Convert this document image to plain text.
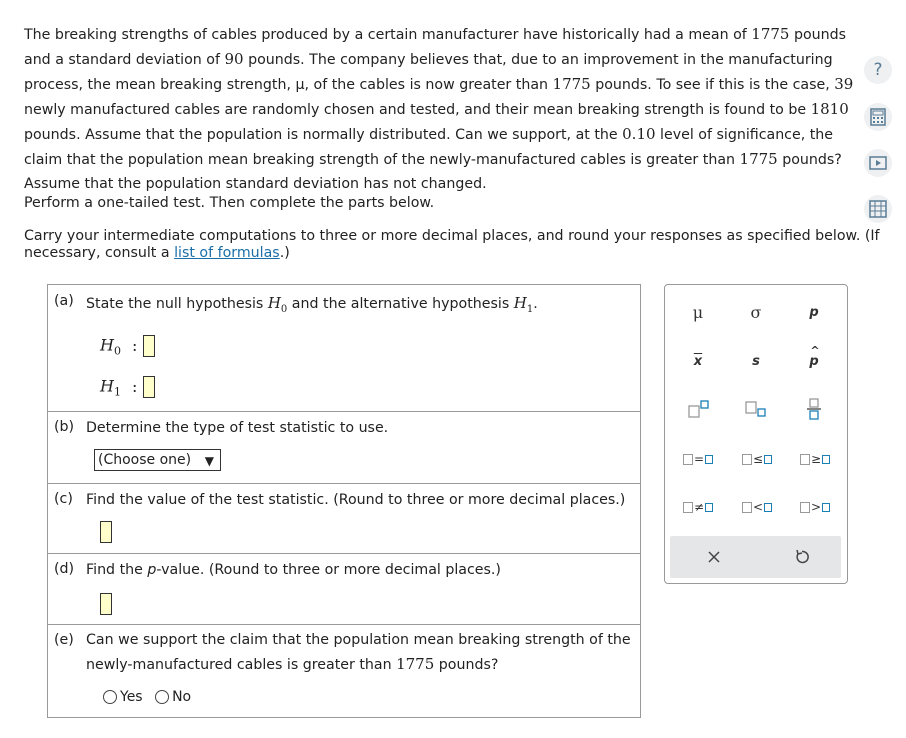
The breaking strengths of cables produced by a certain manufacturer have historically had a mean of 1775 pounds and a standard deviation of 90 pounds. The company believes that, due to an improvement in the manufacturing process, the mean breaking strength, μ, of the cables is now greater than 1775 pounds. To see if this is the case, 39 newly manufactured cables are randomly chosen and tested, and their mean breaking strength is found to be 1810 pounds. Assume that the population is normally distributed. Can we support, at the 0.10 level of significance, the claim that the population mean breaking strength of the newly-manufactured cables is greater than 1775 pounds? Assume that the population standard deviation has not changed.

Perform a one-tailed test. Then complete the parts below.
Carry your intermediate computations to three or more decimal places, and round your responses as specified below. (If necessary, consult a list of formulas.)
?
(a) State the null hypothesis $H_0$ and the alternative hypothesis $H_1$.
$H_0$ :
$H_1$ :
(b) Determine the type of test statistic to use.
(Choose one) ▼
(c) Find the value of the test statistic. (Round to three or more decimal places.)
(d) Find the p-value. (Round to three or more decimal places.)
(e) Can we support the claim that the population mean breaking strength of the
newly-manufactured cables is greater than 1775 pounds?
Yes No
μ	σ	p
$\overline{x}$	s
^
p
=	≤	≥
≠	<	>
